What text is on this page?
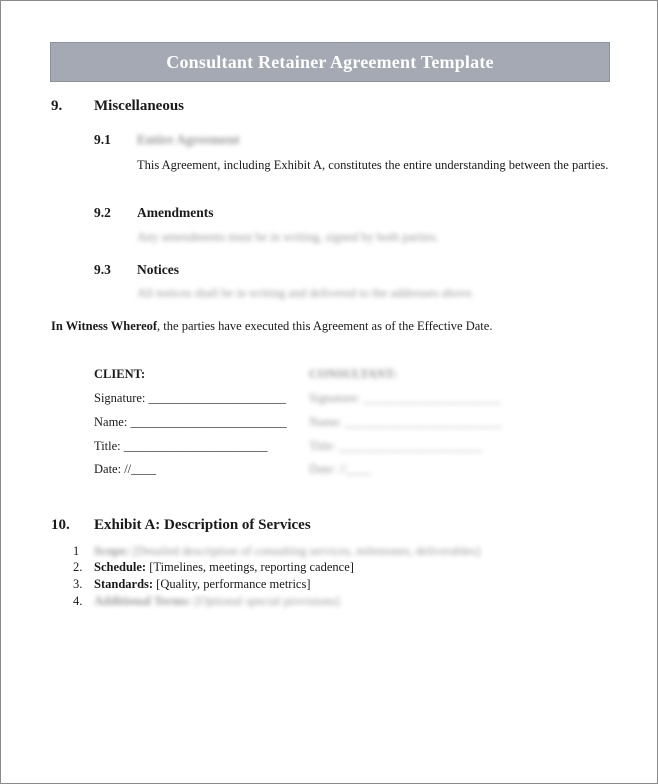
Consultant Retainer Agreement Template
9. Miscellaneous
9.1 Entire Agreement
This Agreement, including Exhibit A, constitutes the entire understanding between the parties.
9.2 Amendments
Any amendments must be in writing, signed by both parties.
9.3 Notices
All notices shall be in writing and delivered to the addresses above.
In Witness Whereof, the parties have executed this Agreement as of the Effective Date.
CLIENT:
Signature: ______________________
Name: _________________________
Title: _______________________
Date: //____
CONSULTANT:
Signature: ______________________
Name: _________________________
Title: _______________________
Date: //____
10. Exhibit A: Description of Services
1 Scope: [Detailed description of consulting services, milestones, deliverables]
2. Schedule: [Timelines, meetings, reporting cadence]
3. Standards: [Quality, performance metrics]
4. Additional Terms: [Optional special provisions]
